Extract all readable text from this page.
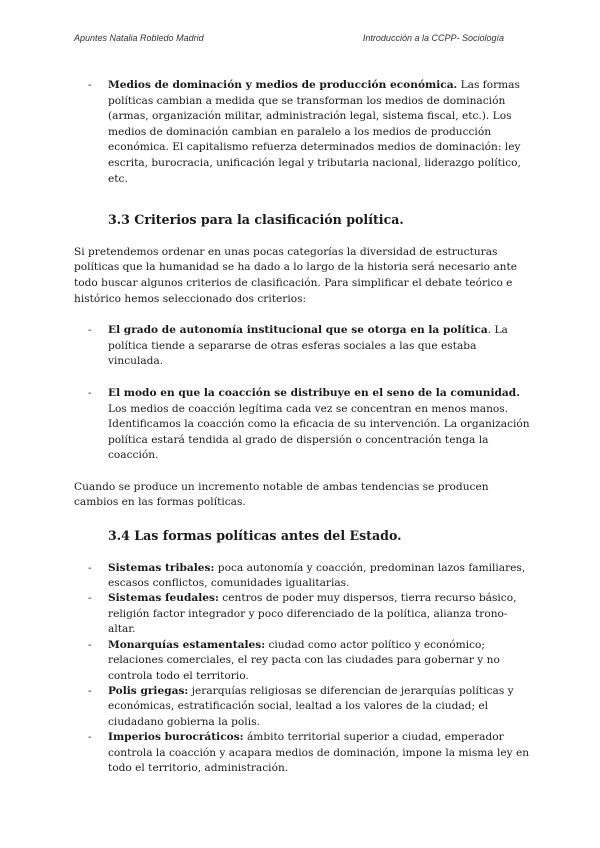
Apuntes Natalia Robledo Madrid	Introducción a la CCPP- Sociología
- Medios de dominación y medios de producción económica. Las formas políticas cambian a medida que se transforman los medios de dominación (armas, organización militar, administración legal, sistema fiscal, etc.). Los medios de dominación cambian en paralelo a los medios de producción económica. El capitalismo refuerza determinados medios de dominación: ley escrita, burocracia, unificación legal y tributaria nacional, liderazgo político, etc.
3.3 Criterios para la clasificación política.
Si pretendemos ordenar en unas pocas categorías la diversidad de estructuras políticas que la humanidad se ha dado a lo largo de la historia será necesario ante todo buscar algunos criterios de clasificación. Para simplificar el debate teórico e histórico hemos seleccionado dos criterios:
- El grado de autonomía institucional que se otorga en la política. La política tiende a separarse de otras esferas sociales a las que estaba vinculada.
- El modo en que la coacción se distribuye en el seno de la comunidad. Los medios de coacción legítima cada vez se concentran en menos manos. Identificamos la coacción como la eficacia de su intervención. La organización política estará tendida al grado de dispersión o concentración tenga la coacción.
Cuando se produce un incremento notable de ambas tendencias se producen cambios en las formas políticas.
3.4 Las formas políticas antes del Estado.
- Sistemas tribales: poca autonomía y coacción, predominan lazos familiares, escasos conflictos, comunidades igualitarias.
- Sistemas feudales: centros de poder muy dispersos, tierra recurso básico, religión factor integrador y poco diferenciado de la política, alianza trono-altar.
- Monarquías estamentales: ciudad como actor político y económico; relaciones comerciales, el rey pacta con las ciudades para gobernar y no controla todo el territorio.
- Polis griegas: jerarquías religiosas se diferencian de jerarquías políticas y económicas, estratificación social, lealtad a los valores de la ciudad; el ciudadano gobierna la polis.
- Imperios burocráticos: ámbito territorial superior a ciudad, emperador controla la coacción y acapara medios de dominación, impone la misma ley en todo el territorio, administración.
